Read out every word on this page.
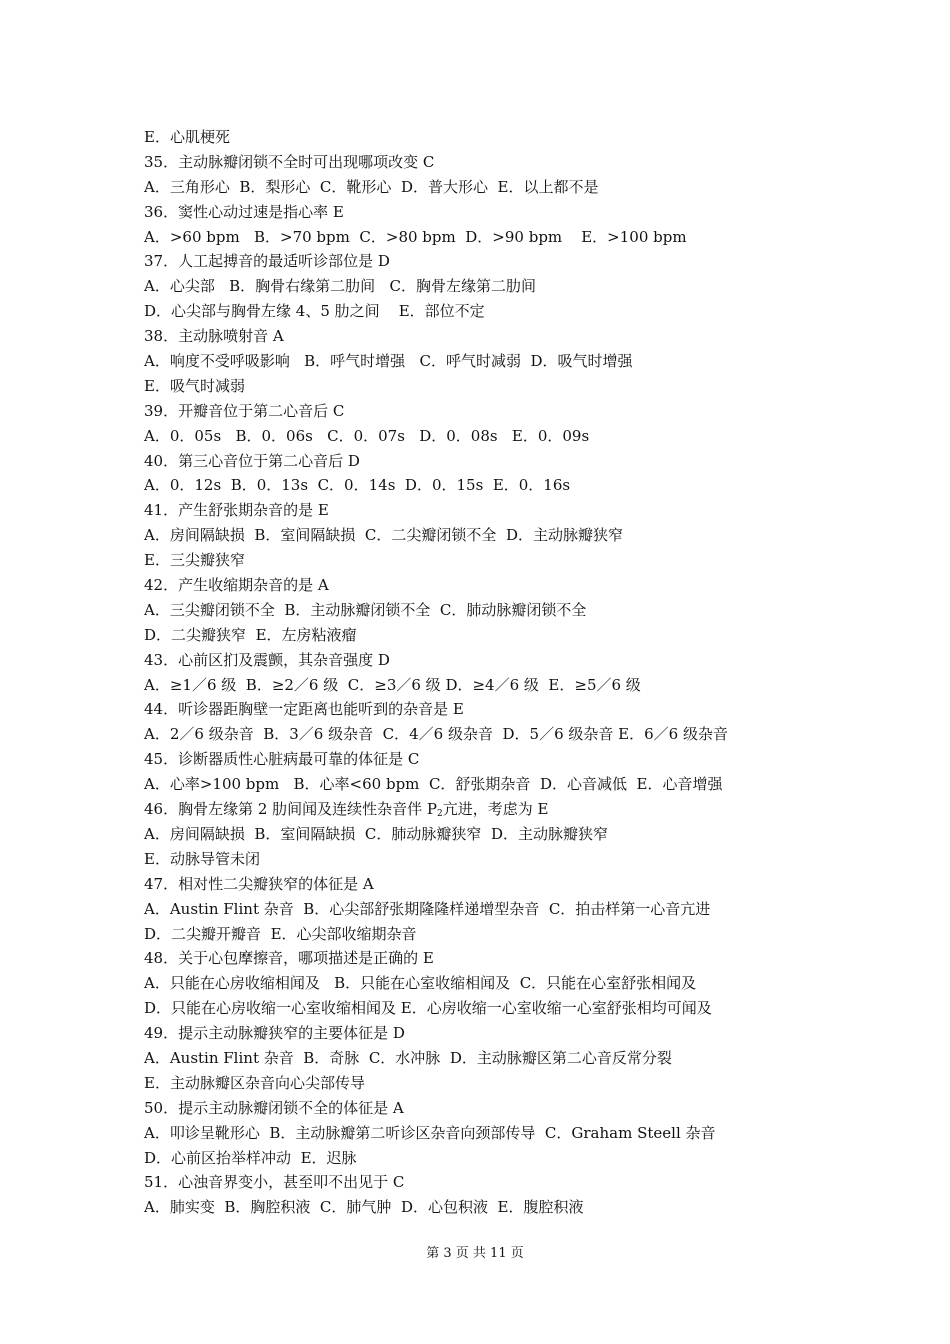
E．心肌梗死
35．主动脉瓣闭锁不全时可出现哪项改变 C
A．三角形心  B．梨形心  C．靴形心  D．普大形心  E．以上都不是
36．窦性心动过速是指心率 E
A．>60 bpm   B．>70 bpm  C．>80 bpm  D．>90 bpm    E．>100 bpm
37．人工起搏音的最适听诊部位是 D
A．心尖部   B．胸骨右缘第二肋间   C．胸骨左缘第二肋间
D．心尖部与胸骨左缘 4、5 肋之间    E．部位不定
38．主动脉喷射音 A
A．响度不受呼吸影响   B．呼气时增强   C．呼气时减弱  D．吸气时增强
E．吸气时减弱
39．开瓣音位于第二心音后 C
A．0．05s   B．0．06s   C．0．07s   D．0．08s   E．0．09s
40．第三心音位于第二心音后 D
A．0．12s  B．0．13s  C．0．14s  D．0．15s  E．0．16s
41．产生舒张期杂音的是 E
A．房间隔缺损  B．室间隔缺损  C．二尖瓣闭锁不全  D．主动脉瓣狭窄
E．三尖瓣狭窄
42．产生收缩期杂音的是 A
A．三尖瓣闭锁不全  B．主动脉瓣闭锁不全  C．肺动脉瓣闭锁不全
D．二尖瓣狭窄  E．左房粘液瘤
43．心前区扪及震颤，其杂音强度 D
A．≥1／6 级  B．≥2／6 级  C．≥3／6 级 D．≥4／6 级  E．≥5／6 级
44．听诊器距胸壁一定距离也能听到的杂音是 E
A．2／6 级杂音  B．3／6 级杂音  C．4／6 级杂音  D．5／6 级杂音 E．6／6 级杂音
45．诊断器质性心脏病最可靠的体征是 C
A．心率>100 bpm   B．心率<60 bpm  C．舒张期杂音  D．心音减低  E．心音增强
46．胸骨左缘第 2 肋间闻及连续性杂音伴 $P_2$亢进，考虑为 E
A．房间隔缺损  B．室间隔缺损  C．肺动脉瓣狭窄  D．主动脉瓣狭窄
E．动脉导管未闭
47．相对性二尖瓣狭窄的体征是 A
A．Austin Flint 杂音  B．心尖部舒张期隆隆样递增型杂音  C．拍击样第一心音亢进
D．二尖瓣开瓣音  E．心尖部收缩期杂音
48．关于心包摩擦音，哪项描述是正确的 E
A．只能在心房收缩相闻及   B．只能在心室收缩相闻及  C．只能在心室舒张相闻及
D．只能在心房收缩一心室收缩相闻及 E．心房收缩一心室收缩一心室舒张相均可闻及
49．提示主动脉瓣狭窄的主要体征是 D
A．Austin Flint 杂音  B．奇脉  C．水冲脉  D．主动脉瓣区第二心音反常分裂
E．主动脉瓣区杂音向心尖部传导
50．提示主动脉瓣闭锁不全的体征是 A
A．叩诊呈靴形心  B．主动脉瓣第二听诊区杂音向颈部传导  C．Graham Steell 杂音
D．心前区抬举样冲动  E．迟脉
51．心浊音界变小，甚至叩不出见于 C
A．肺实变  B．胸腔积液  C．肺气肿  D．心包积液  E．腹腔积液
第 3 页 共 11 页
